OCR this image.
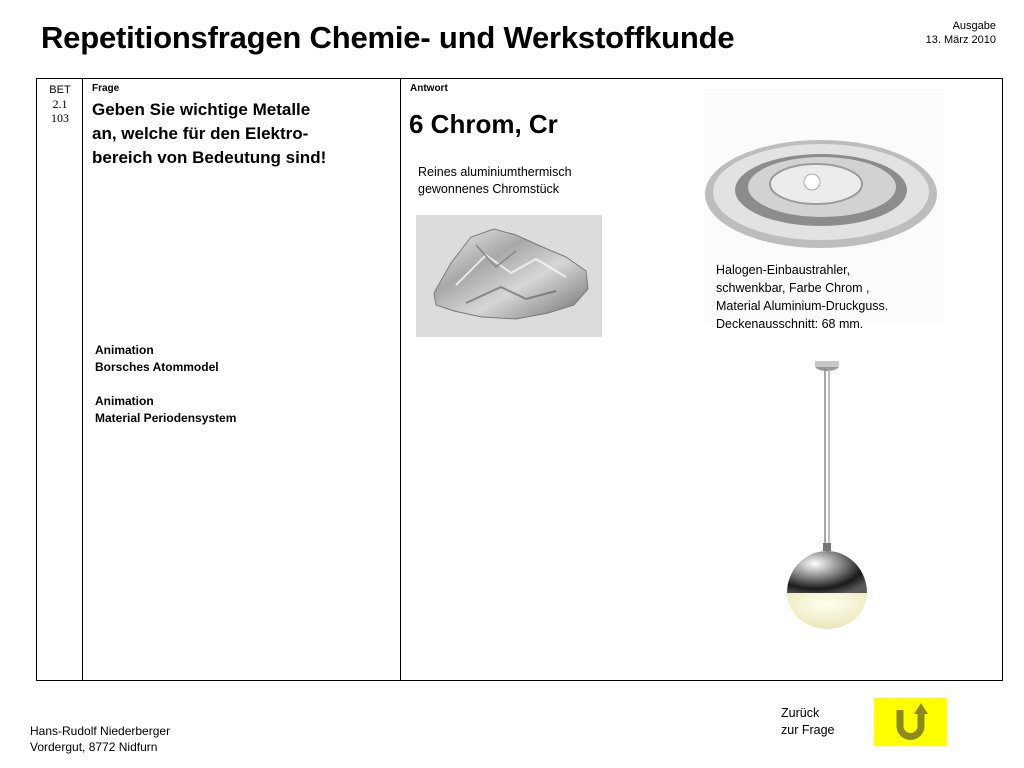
Repetitionsfragen Chemie- und Werkstoffkunde	Ausgabe
13. März 2010
BET
2.1
103
Frage
Geben Sie wichtige Metalle
an, welche für den Elektro-
bereich von Bedeutung sind!
Animation
Borsches Atommodel
Animation
Material Periodensystem
Antwort
6 Chrom, Cr
Reines aluminiumthermisch
gewonnenes Chromstück
Halogen-Einbaustrahler,
schwenkbar, Farbe Chrom ,
Material Aluminium-Druckguss.
Deckenausschnitt: 68 mm.
Hans-Rudolf Niederberger
Vordergut, 8772 Nidfurn
Zurück
zur Frage
